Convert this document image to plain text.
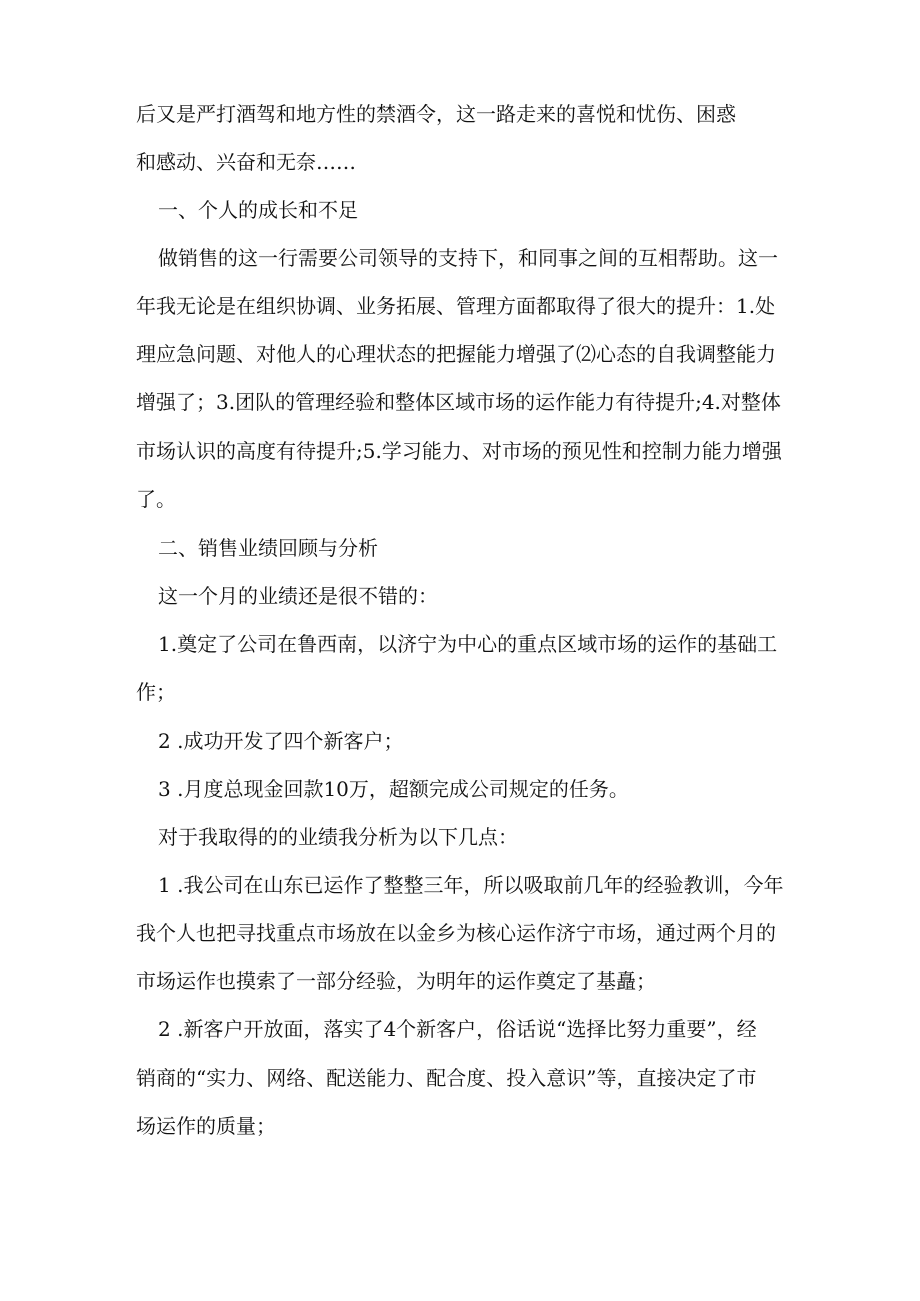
后又是严打酒驾和地方性的禁酒令，这一路走来的喜悦和忧伤、困惑
和感动、兴奋和无奈……
一、个人的成长和不足
做销售的这一行需要公司领导的支持下，和同事之间的互相帮助。这一
年我无论是在组织协调、业务拓展、管理方面都取得了很大的提升：1.处
理应急问题、对他人的心理状态的把握能力增强了⑵心态的自我调整能力
增强了；3.团队的管理经验和整体区域市场的运作能力有待提升;4.对整体
市场认识的高度有待提升;5.学习能力、对市场的预见性和控制力能力增强
了。
二、销售业绩回顾与分析
这一个月的业绩还是很不错的：
1.奠定了公司在鲁西南，以济宁为中心的重点区域市场的运作的基础工
作；
2 .成功开发了四个新客户；
3 .月度总现金回款10万，超额完成公司规定的任务。
对于我取得的的业绩我分析为以下几点：
1 .我公司在山东已运作了整整三年，所以吸取前几年的经验教训，今年
我个人也把寻找重点市场放在以金乡为核心运作济宁市场，通过两个月的
市场运作也摸索了一部分经验，为明年的运作奠定了基矗；
2 .新客户开放面，落实了4个新客户，俗话说“选择比努力重要”，经
销商的“实力、网络、配送能力、配合度、投入意识”等，直接决定了市
场运作的质量；
